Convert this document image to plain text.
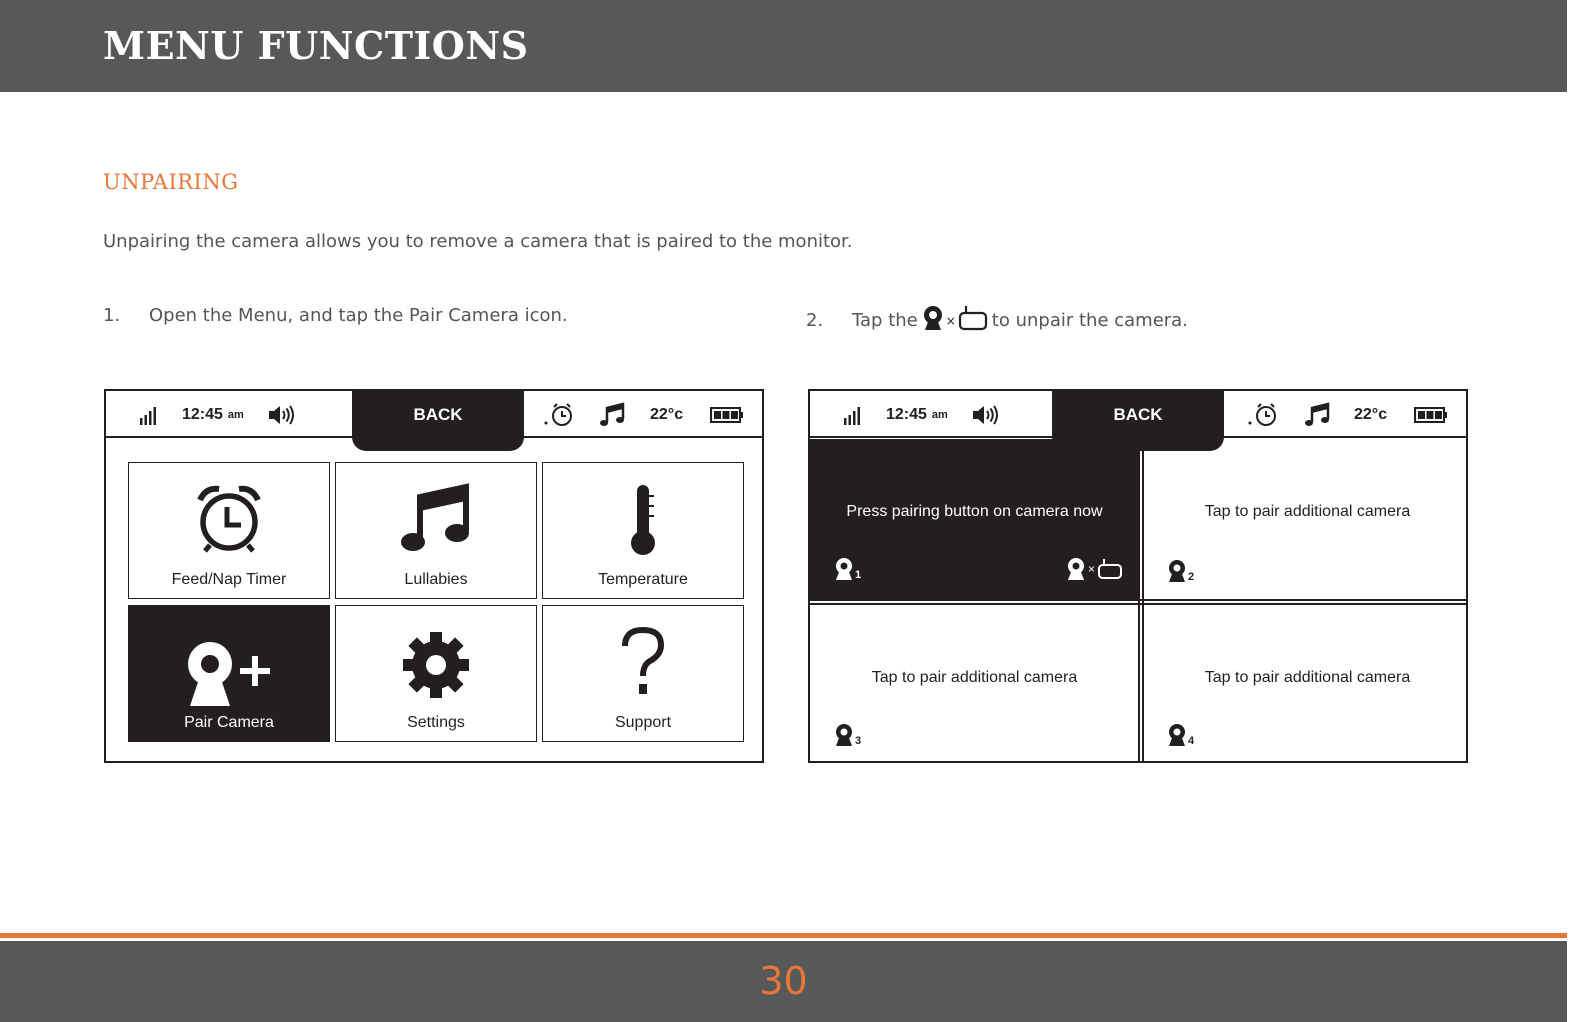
MENU FUNCTIONS
UNPAIRING
Unpairing the camera allows you to remove a camera that is paired to the monitor.
1.	Open the Menu, and tap the Pair Camera icon.	2.	Tap the × to unpair the camera.
12:45 am	22°c
BACK
Feed/Nap Timer	Lullabies	Temperature
Pair Camera	Settings	Support
12:45 am	22°c
BACK
Press pairing button on camera now
1	×
Tap to pair additional camera
2
Tap to pair additional camera
3
Tap to pair additional camera
4
30
